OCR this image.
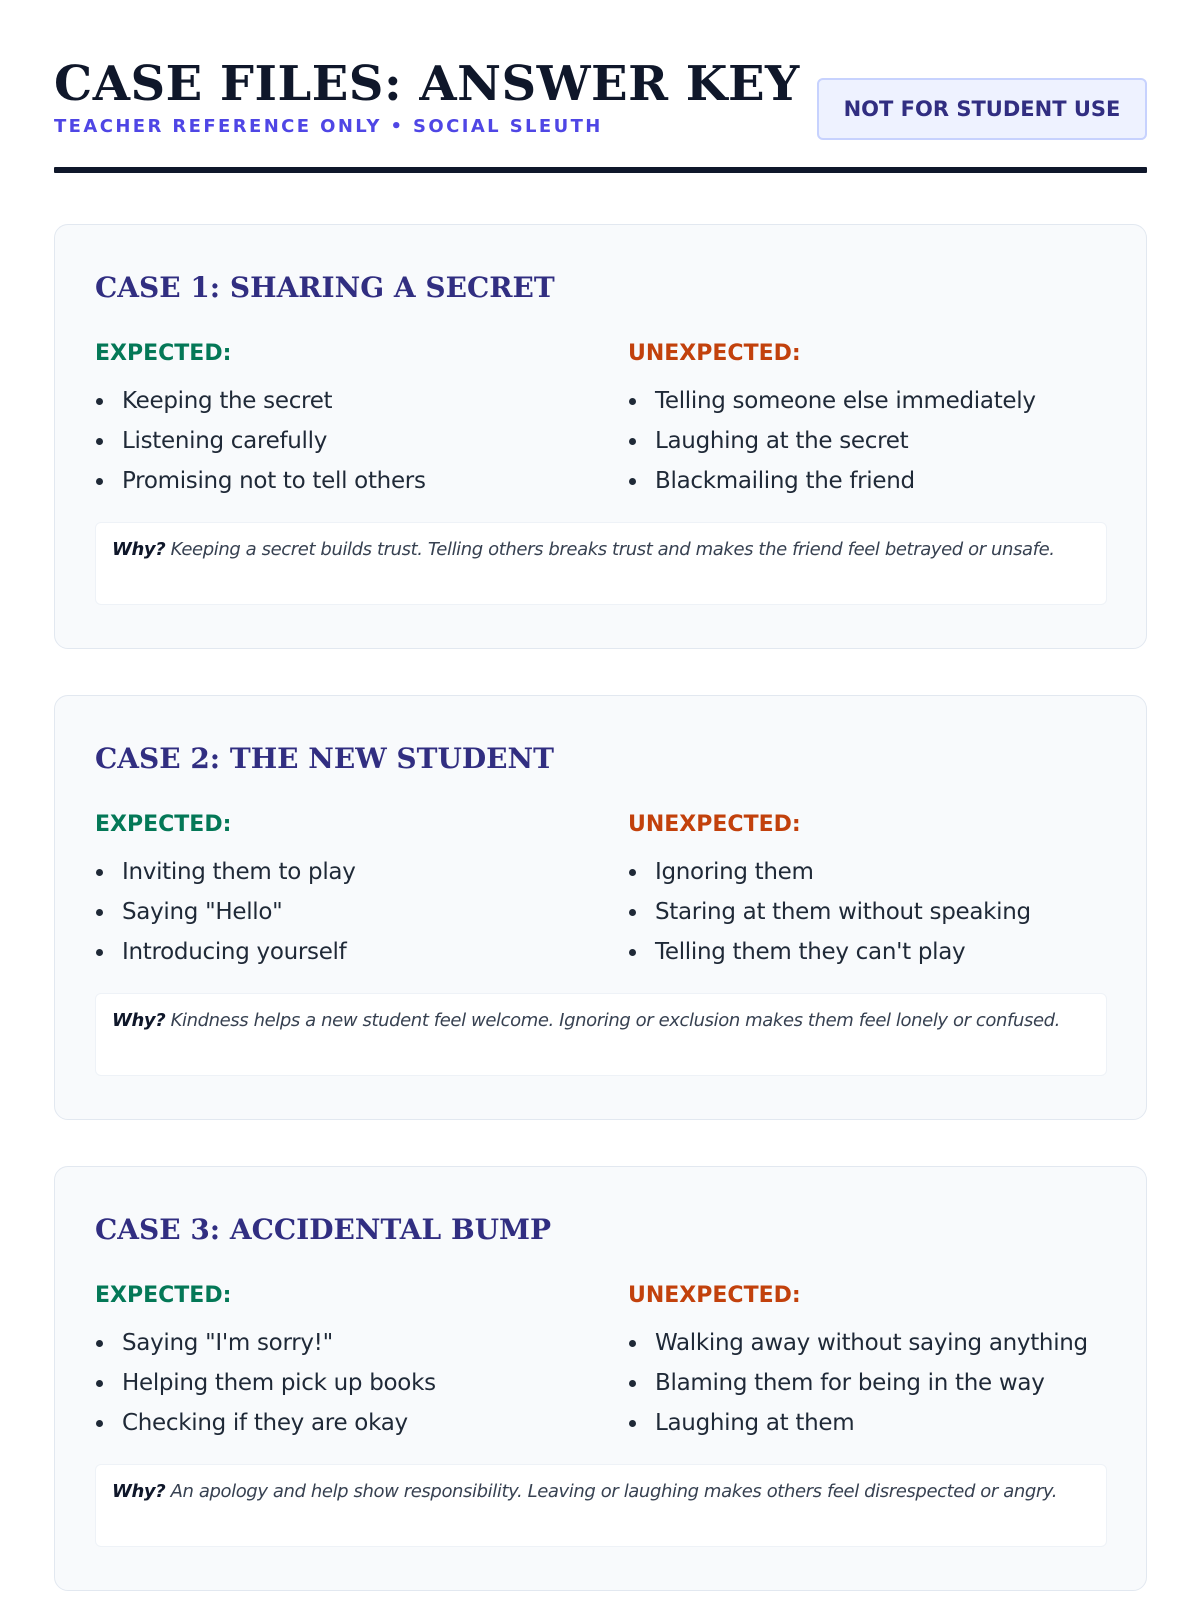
CASE FILES: ANSWER KEY
TEACHER REFERENCE ONLY • SOCIAL SLEUTH
NOT FOR STUDENT USE
CASE 1: SHARING A SECRET
EXPECTED:
Keeping the secret
Listening carefully
Promising not to tell others
UNEXPECTED:
Telling someone else immediately
Laughing at the secret
Blackmailing the friend
Why? Keeping a secret builds trust. Telling others breaks trust and makes the friend feel betrayed or unsafe.
CASE 2: THE NEW STUDENT
EXPECTED:
Inviting them to play
Saying "Hello"
Introducing yourself
UNEXPECTED:
Ignoring them
Staring at them without speaking
Telling them they can't play
Why? Kindness helps a new student feel welcome. Ignoring or exclusion makes them feel lonely or confused.
CASE 3: ACCIDENTAL BUMP
EXPECTED:
Saying "I'm sorry!"
Helping them pick up books
Checking if they are okay
UNEXPECTED:
Walking away without saying anything
Blaming them for being in the way
Laughing at them
Why? An apology and help show responsibility. Leaving or laughing makes others feel disrespected or angry.
